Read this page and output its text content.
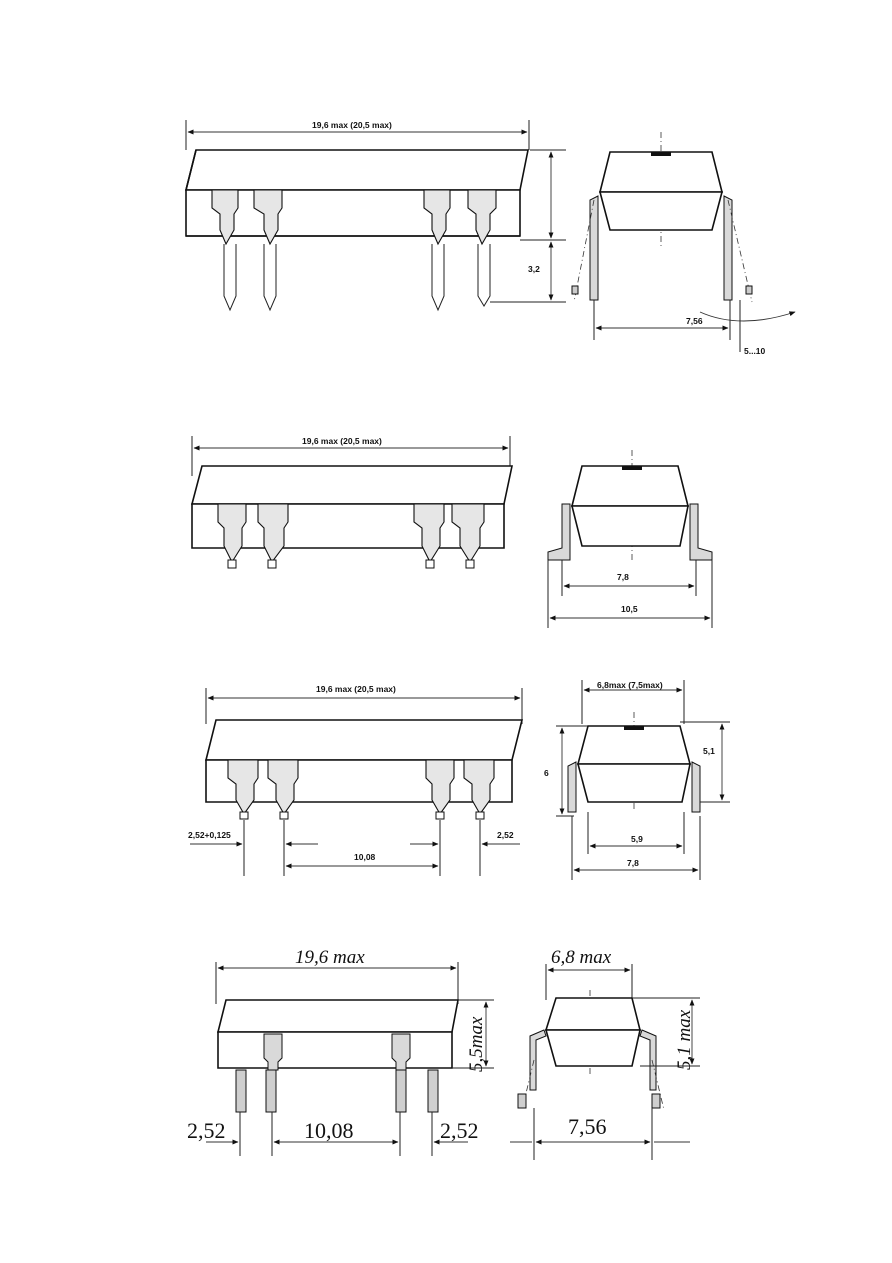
19,6 max (20,5 max)
3,2
7,56
5...10
19,6 max (20,5 max)
7,8
10,5
19,6 max (20,5 max)
2,52+0,125
10,08
2,52
6,8max (7,5max)
6
5,1
5,9
7,8
19,6 max
5,5max
2,52	10,08	2,52
6,8 max
5,1 max
7,56
